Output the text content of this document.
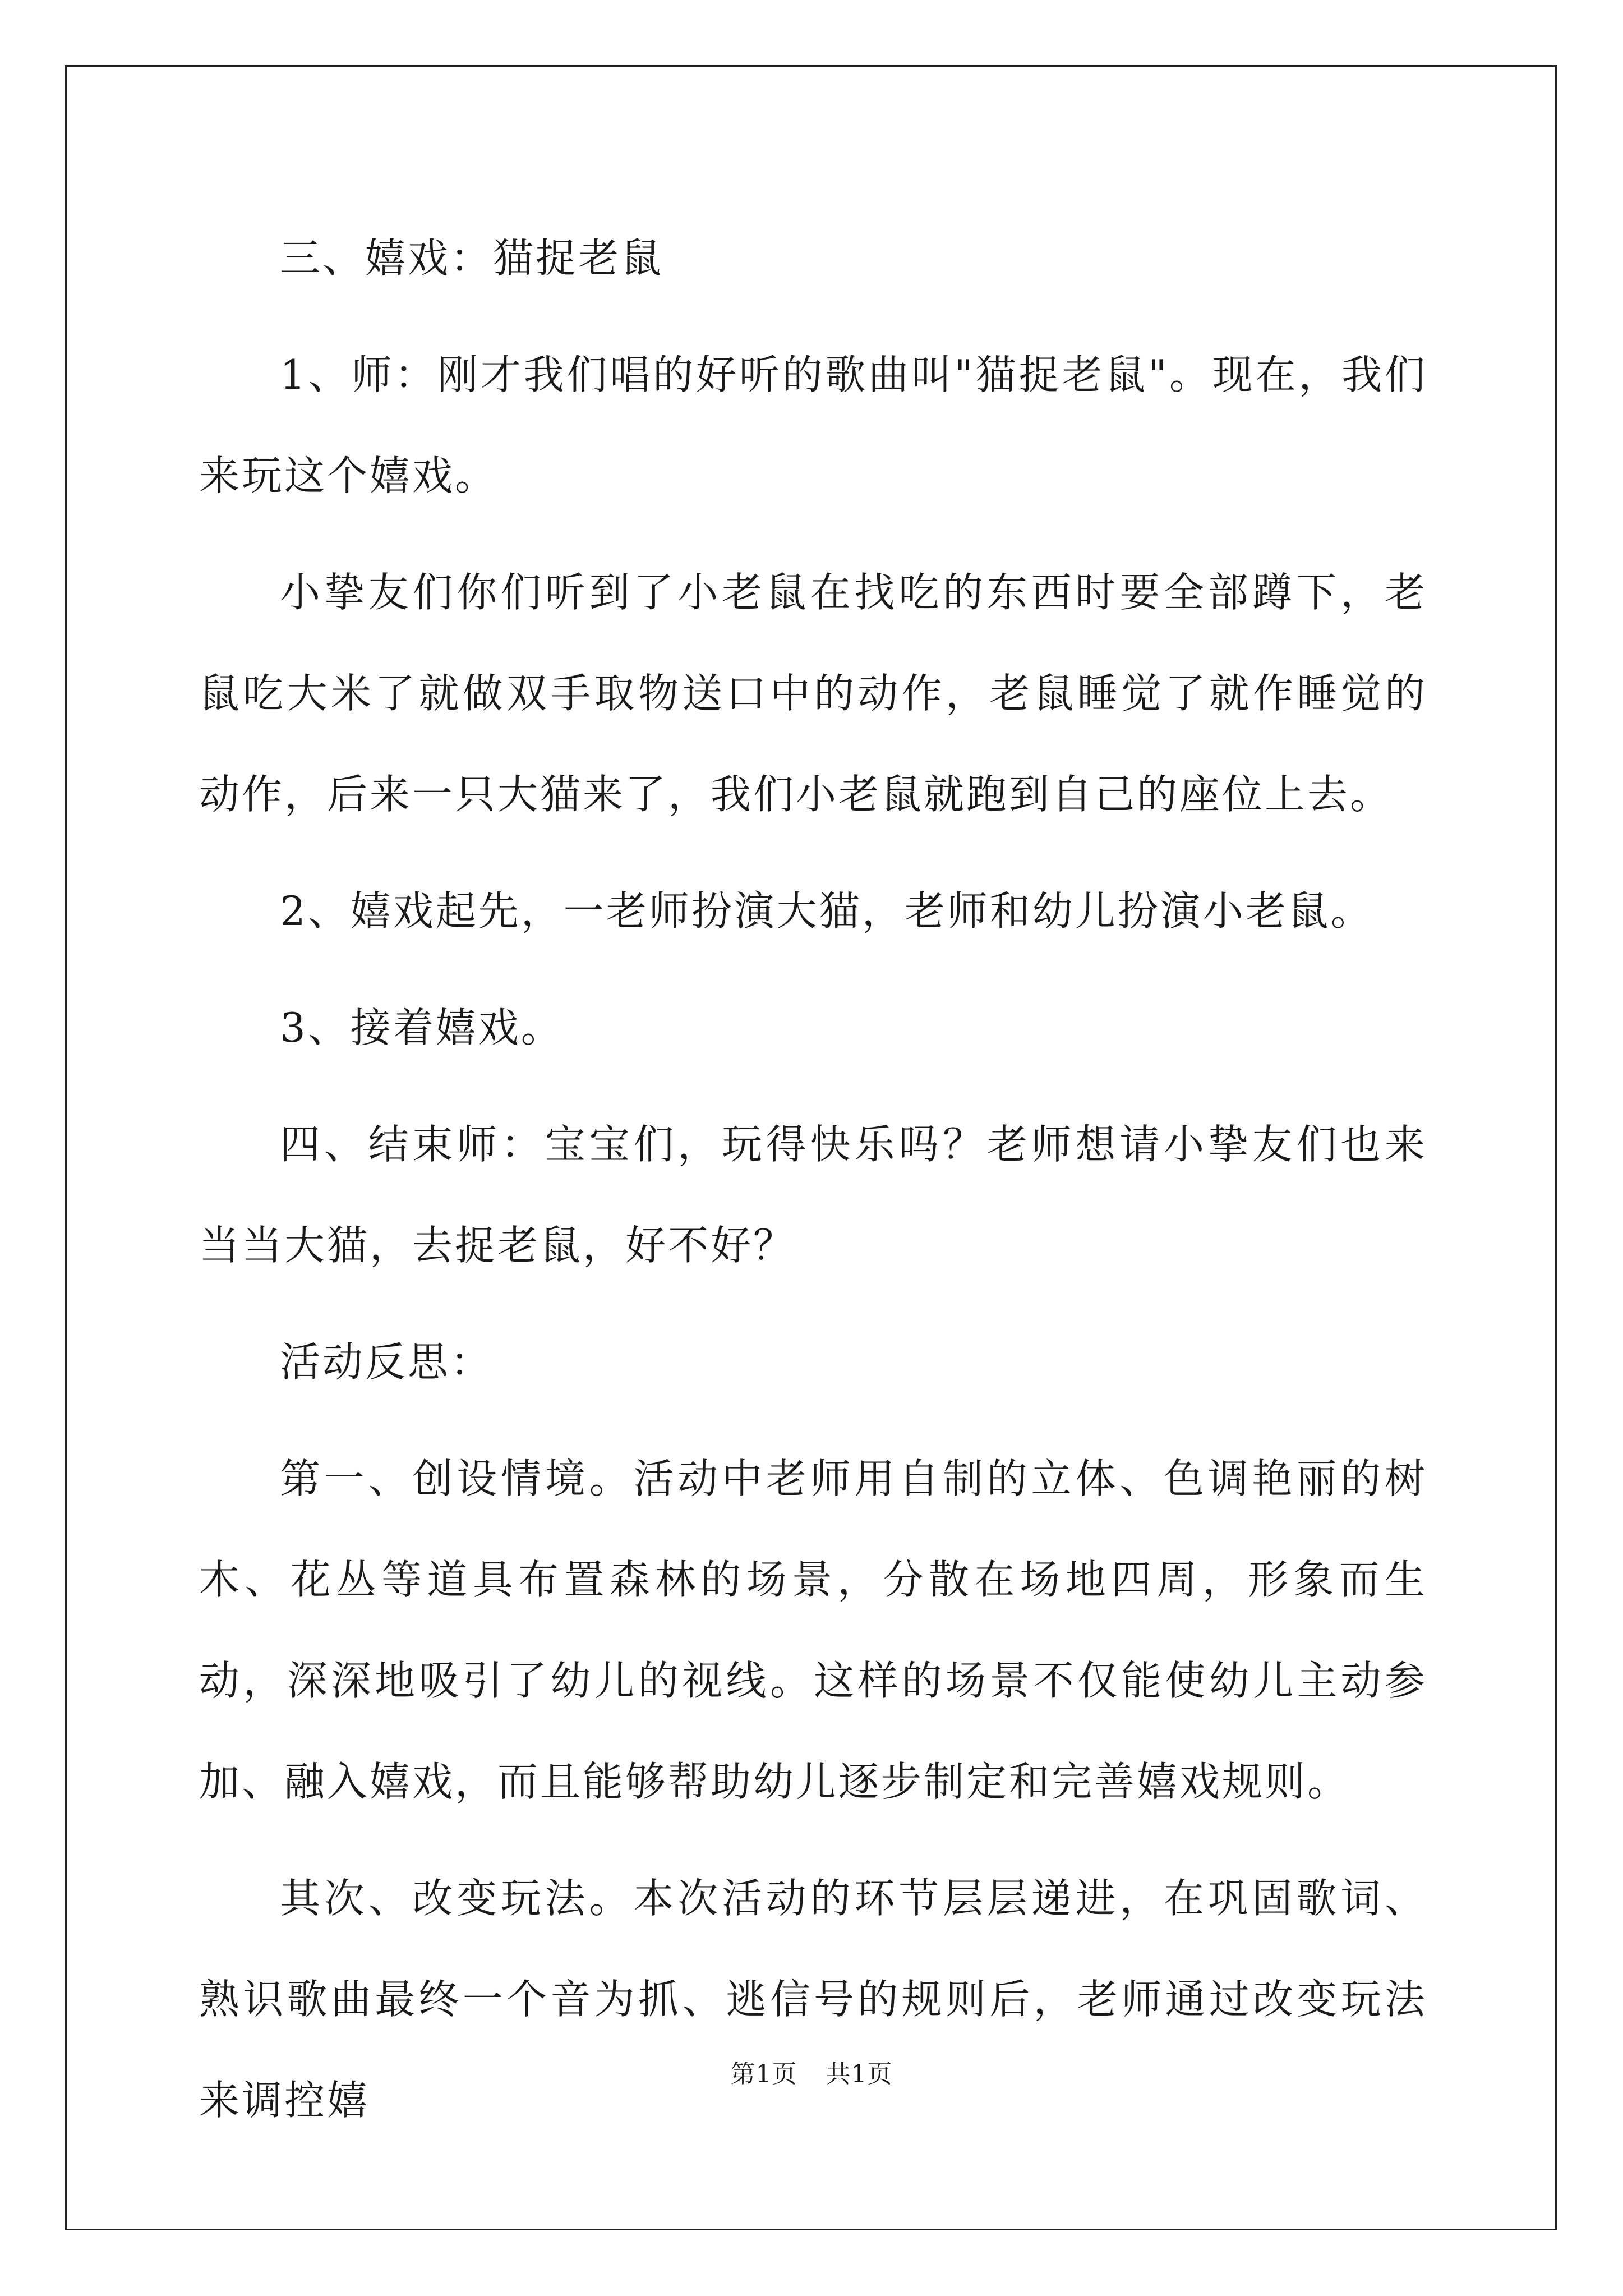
三、嬉戏：猫捉老鼠

1、师：刚才我们唱的好听的歌曲叫"猫捉老鼠"。现在，我们来玩这个嬉戏。

小挚友们你们听到了小老鼠在找吃的东西时要全部蹲下，老鼠吃大米了就做双手取物送口中的动作，老鼠睡觉了就作睡觉的动作，后来一只大猫来了，我们小老鼠就跑到自己的座位上去。

2、嬉戏起先，一老师扮演大猫，老师和幼儿扮演小老鼠。

3、接着嬉戏。

四、结束师：宝宝们，玩得快乐吗？老师想请小挚友们也来当当大猫，去捉老鼠，好不好？

活动反思：

第一、创设情境。活动中老师用自制的立体、色调艳丽的树木、花丛等道具布置森林的场景，分散在场地四周，形象而生动，深深地吸引了幼儿的视线。这样的场景不仅能使幼儿主动参加、融入嬉戏，而且能够帮助幼儿逐步制定和完善嬉戏规则。

其次、改变玩法。本次活动的环节层层递进，在巩固歌词、熟识歌曲最终一个音为抓、逃信号的规则后，老师通过改变玩法来调控嬉

第1页 共1页
